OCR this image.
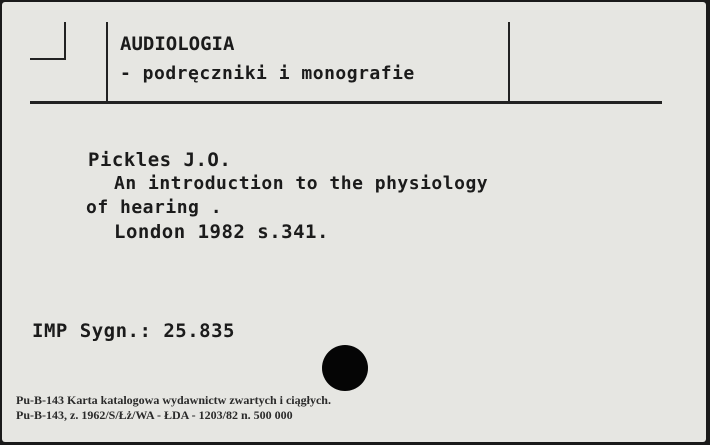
AUDIOLOGIA
- podręczniki i monografie
Pickles J.O.
An introduction to the physiology
of hearing .
London 1982 s.341.
IMP Sygn.: 25.835
Pu-B-143 Karta katalogowa wydawnictw zwartych i ciągłych.
Pu-B-143, z. 1962/S/Łż/WA - ŁDA - 1203/82 n. 500 000
